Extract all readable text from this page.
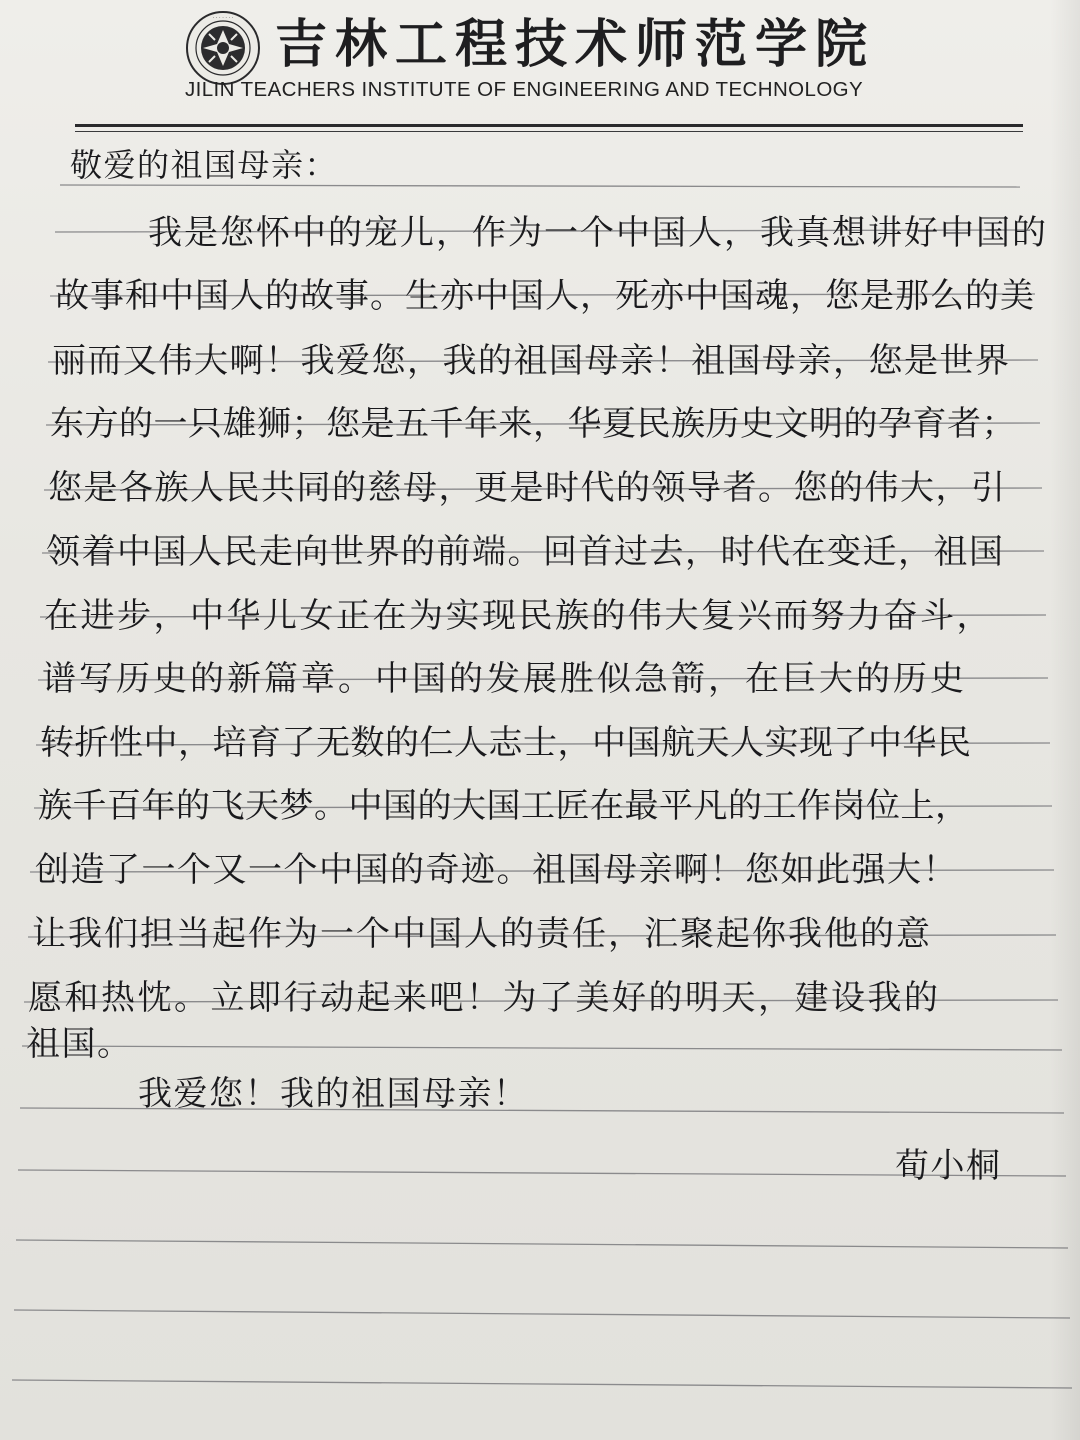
· · · · · · · 吉林工程技术师范学院
JILIN TEACHERS INSTITUTE OF ENGINEERING AND TECHNOLOGY
敬爱的祖国母亲：
我是您怀中的宠儿，作为一个中国人，我真想讲好中国的
故事和中国人的故事。生亦中国人，死亦中国魂，您是那么的美
丽而又伟大啊！我爱您，我的祖国母亲！祖国母亲，您是世界
东方的一只雄狮；您是五千年来，华夏民族历史文明的孕育者；
您是各族人民共同的慈母，更是时代的领导者。您的伟大，引
领着中国人民走向世界的前端。回首过去，时代在变迁，祖国
在进步，中华儿女正在为实现民族的伟大复兴而努力奋斗，
谱写历史的新篇章。中国的发展胜似急箭，在巨大的历史
转折性中，培育了无数的仁人志士，中国航天人实现了中华民
族千百年的飞天梦。中国的大国工匠在最平凡的工作岗位上，
创造了一个又一个中国的奇迹。祖国母亲啊！您如此强大！
让我们担当起作为一个中国人的责任，汇聚起你我他的意
愿和热忱。立即行动起来吧！为了美好的明天，建设我的
祖国。
我爱您！我的祖国母亲！
荀小桐
